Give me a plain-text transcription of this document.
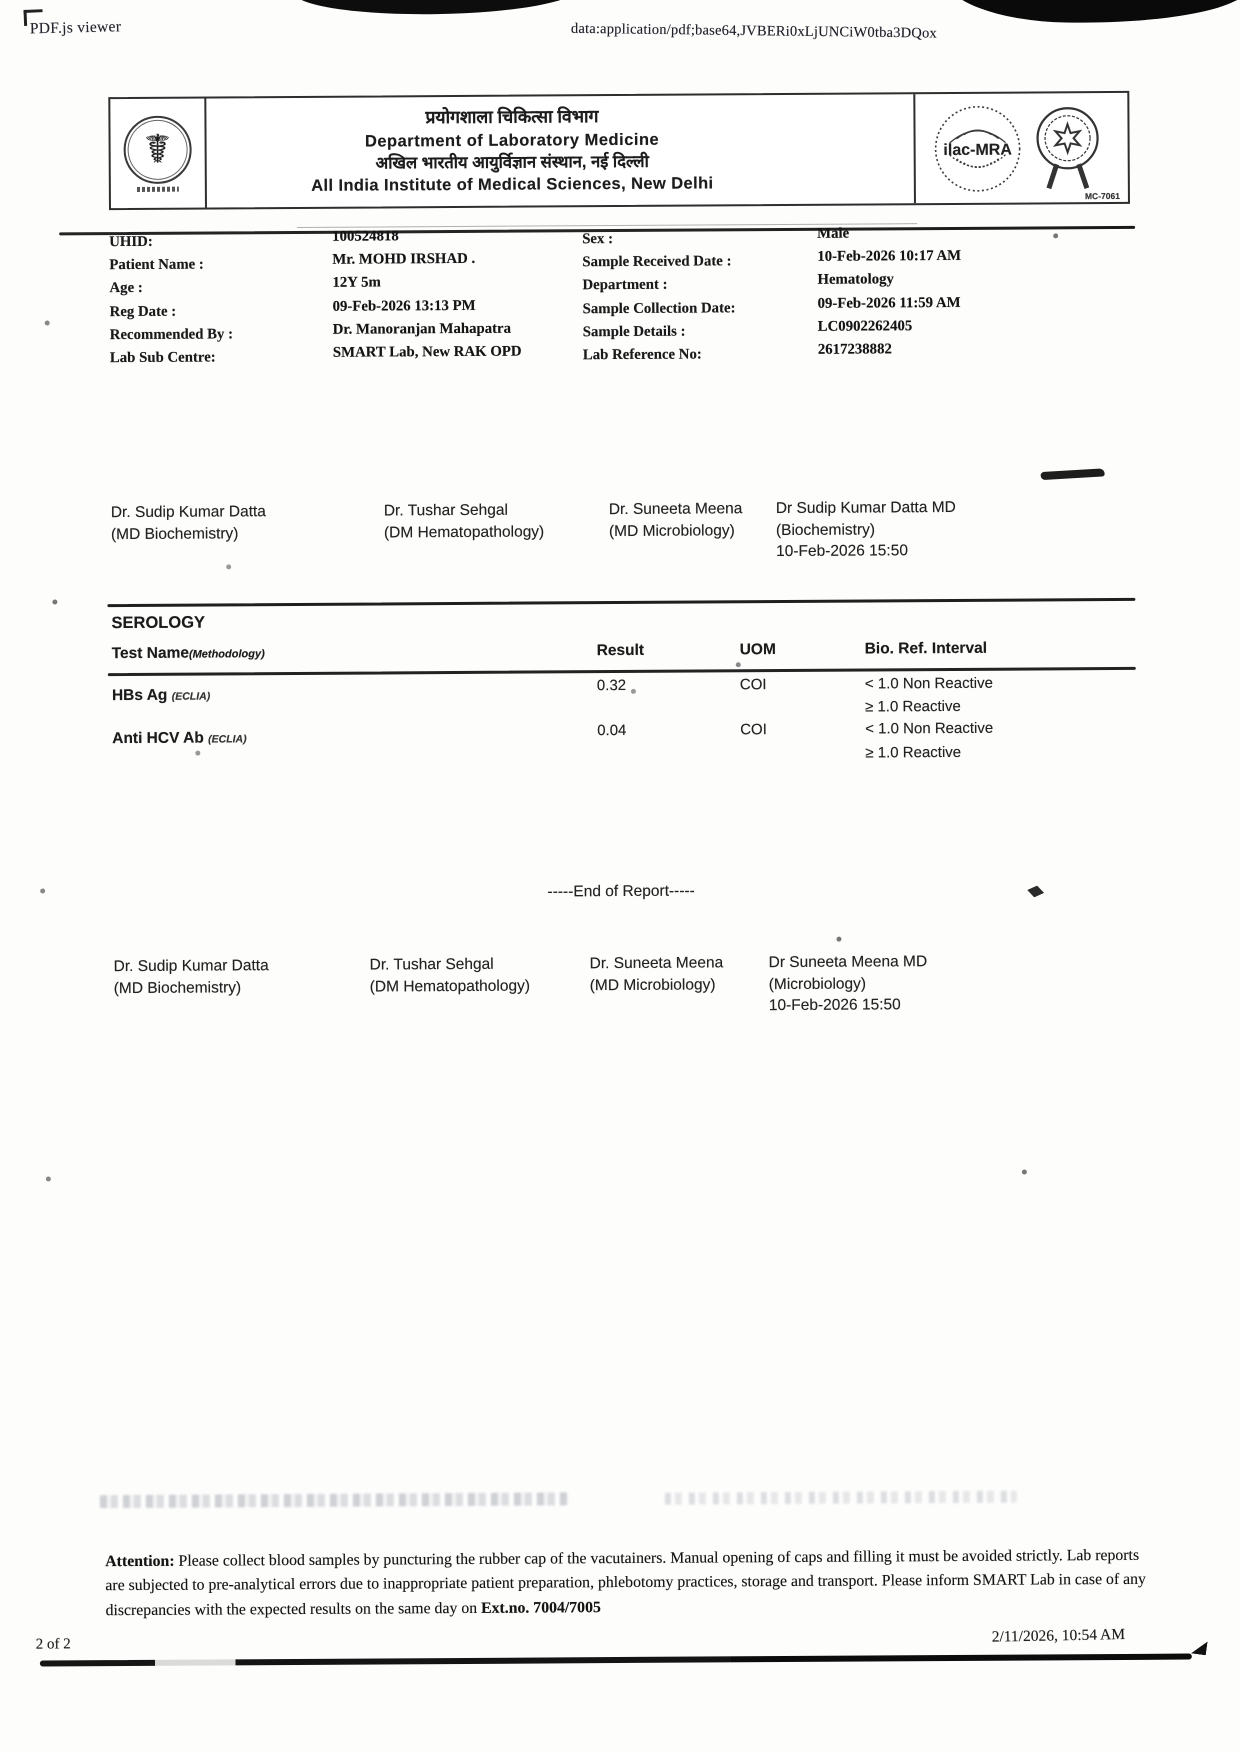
PDF.js viewer	data:application/pdf;base64,JVBERi0xLjUNCiW0tba3DQox
☤
प्रयोगशाला चिकित्सा विभाग
Department of Laboratory Medicine
अखिल भारतीय आयुर्विज्ञान संस्थान, नई दिल्ली
All India Institute of Medical Sciences, New Delhi
ilac-MRA
MC-7061
UHID:	100524818	Sex :	Male
Patient Name :	Mr. MOHD IRSHAD .	Sample Received Date :	10-Feb-2026 10:17 AM
Age :	12Y 5m	Department :	Hematology
Reg Date :	09-Feb-2026 13:13 PM	Sample Collection Date:	09-Feb-2026 11:59 AM
Recommended By :	Dr. Manoranjan Mahapatra	Sample Details :	LC0902262405
Lab Sub Centre:	SMART Lab, New RAK OPD	Lab Reference No:	2617238882
Dr. Sudip Kumar Datta
(MD Biochemistry)
Dr. Tushar Sehgal
(DM Hematopathology)
Dr. Suneeta Meena
(MD Microbiology)
Dr Sudip Kumar Datta MD
(Biochemistry)
10-Feb-2026 15:50
SEROLOGY
Test Name(Methodology)	Result	UOM	Bio. Ref. Interval
HBs Ag (ECLIA)
0.32	COI	< 1.0 Non Reactive
≥ 1.0 Reactive
Anti HCV Ab (ECLIA)
0.04	COI	< 1.0 Non Reactive
≥ 1.0 Reactive
-----End of Report-----
Dr. Sudip Kumar Datta
(MD Biochemistry)
Dr. Tushar Sehgal
(DM Hematopathology)
Dr. Suneeta Meena
(MD Microbiology)
Dr Suneeta Meena MD
(Microbiology)
10-Feb-2026 15:50

Attention: Please collect blood samples by puncturing the rubber cap of the vacutainers. Manual opening of caps and filling it must be avoided strictly. Lab reports are subjected to pre-analytical errors due to inappropriate patient preparation, phlebotomy practices, storage and transport. Please inform SMART Lab in case of any discrepancies with the expected results on the same day on Ext.no. 7004/7005

2 of 2	2/11/2026, 10:54 AM
